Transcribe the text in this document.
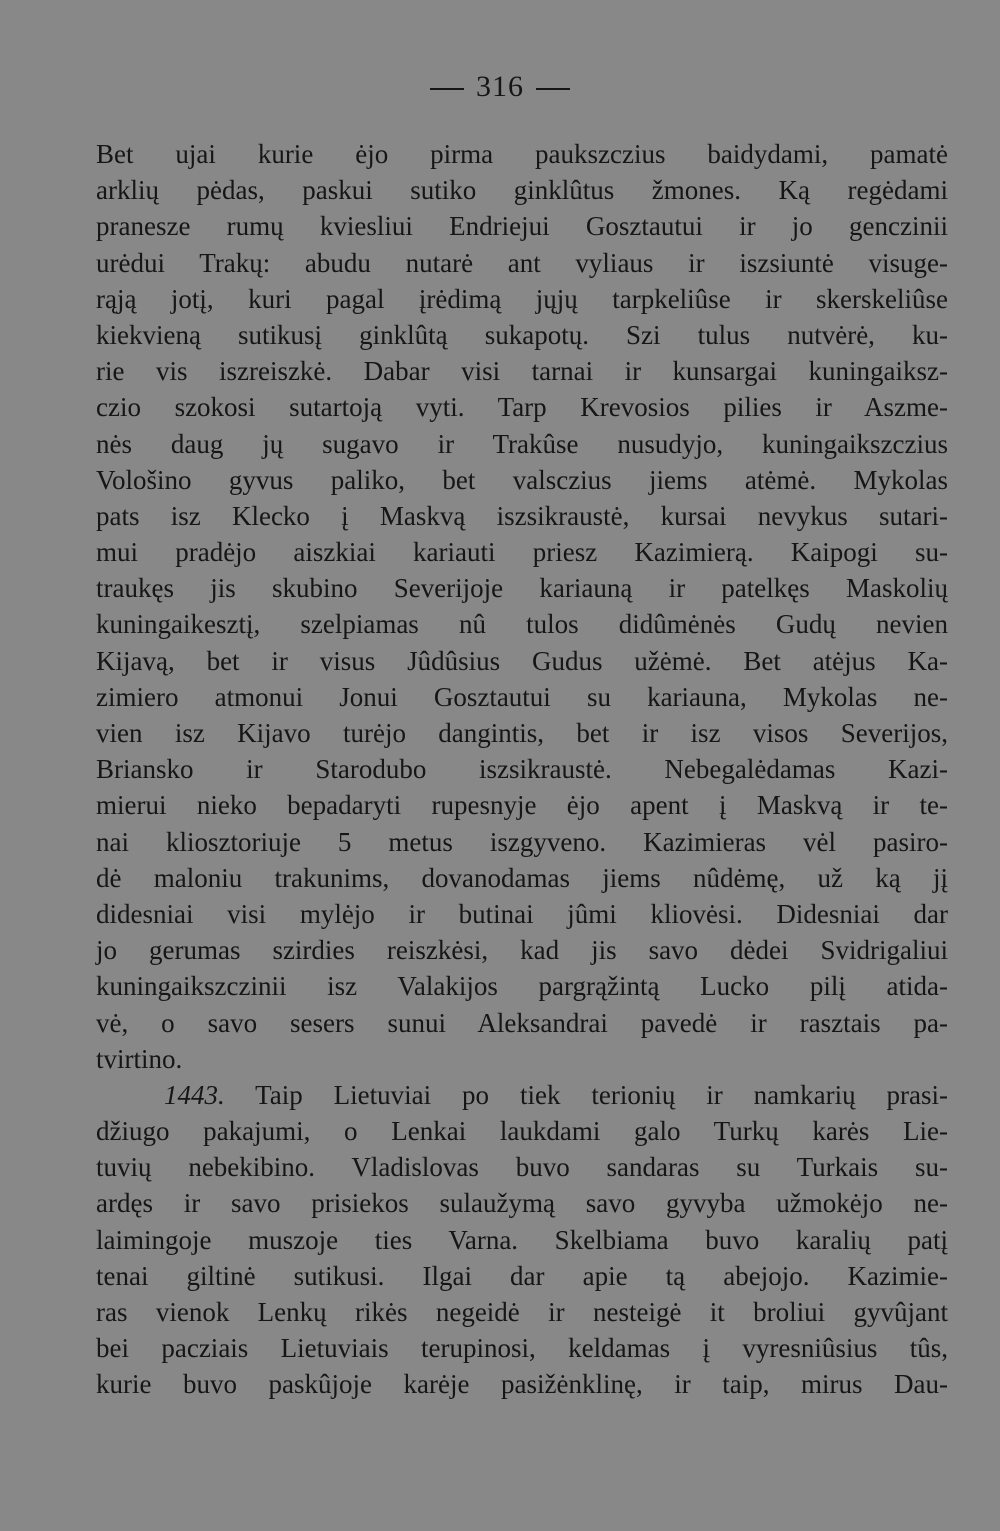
316
Bet ujai kurie ėjo pirma paukszczius baidydami, pamatė
arklių pėdas, paskui sutiko ginklûtus žmones. Ką regėdami
pranesze rumų kviesliui Endriejui Gosztautui ir jo genczinii
urėdui Trakų: abudu nutarė ant vyliaus ir iszsiuntė visuge-
rąją jotį, kuri pagal įrėdimą jųjų tarpkeliûse ir skerskeliûse
kiekvieną sutikusį ginklûtą sukapotų. Szi tulus nutvėrė, ku-
rie vis iszreiszkė. Dabar visi tarnai ir kunsargai kuningaiksz-
czio szokosi sutartoją vyti. Tarp Krevosios pilies ir Aszme-
nės daug jų sugavo ir Trakûse nusudyjo, kuningaikszczius
Vološino gyvus paliko, bet valsczius jiems atėmė. Mykolas
pats isz Klecko į Maskvą iszsikraustė, kursai nevykus sutari-
mui pradėjo aiszkiai kariauti priesz Kazimierą. Kaipogi su-
traukęs jis skubino Severijoje kariauną ir patelkęs Maskolių
kuningaikesztį, szelpiamas nû tulos didûmėnės Gudų nevien
Kijavą, bet ir visus Jûdûsius Gudus užėmė. Bet atėjus Ka-
zimiero atmonui Jonui Gosztautui su kariauna, Mykolas ne-
vien isz Kijavo turėjo dangintis, bet ir isz visos Severijos,
Briansko ir Starodubo iszsikraustė. Nebegalėdamas Kazi-
mierui nieko bepadaryti rupesnyje ėjo apent į Maskvą ir te-
nai kliosztoriuje 5 metus iszgyveno. Kazimieras vėl pasiro-
dė maloniu trakunims, dovanodamas jiems nûdėmę, už ką jį
didesniai visi mylėjo ir butinai jûmi kliovėsi. Didesniai dar
jo gerumas szirdies reiszkėsi, kad jis savo dėdei Svidrigaliui
kuningaikszczinii isz Valakijos pargrąžintą Lucko pilį atida-
vė, o savo sesers sunui Aleksandrai pavedė ir rasztais pa-
tvirtino.
1443. Taip Lietuviai po tiek terionių ir namkarių prasi-
džiugo pakajumi, o Lenkai laukdami galo Turkų karės Lie-
tuvių nebekibino. Vladislovas buvo sandaras su Turkais su-
ardęs ir savo prisiekos sulaužymą savo gyvyba užmokėjo ne-
laimingoje muszoje ties Varna. Skelbiama buvo karalių patį
tenai giltinė sutikusi. Ilgai dar apie tą abejojo. Kazimie-
ras vienok Lenkų rikės negeidė ir nesteigė it broliui gyvûjant
bei pacziais Lietuviais terupinosi, keldamas į vyresniûsius tûs,
kurie buvo paskûjoje karėje pasižėnklinę, ir taip, mirus Dau-
